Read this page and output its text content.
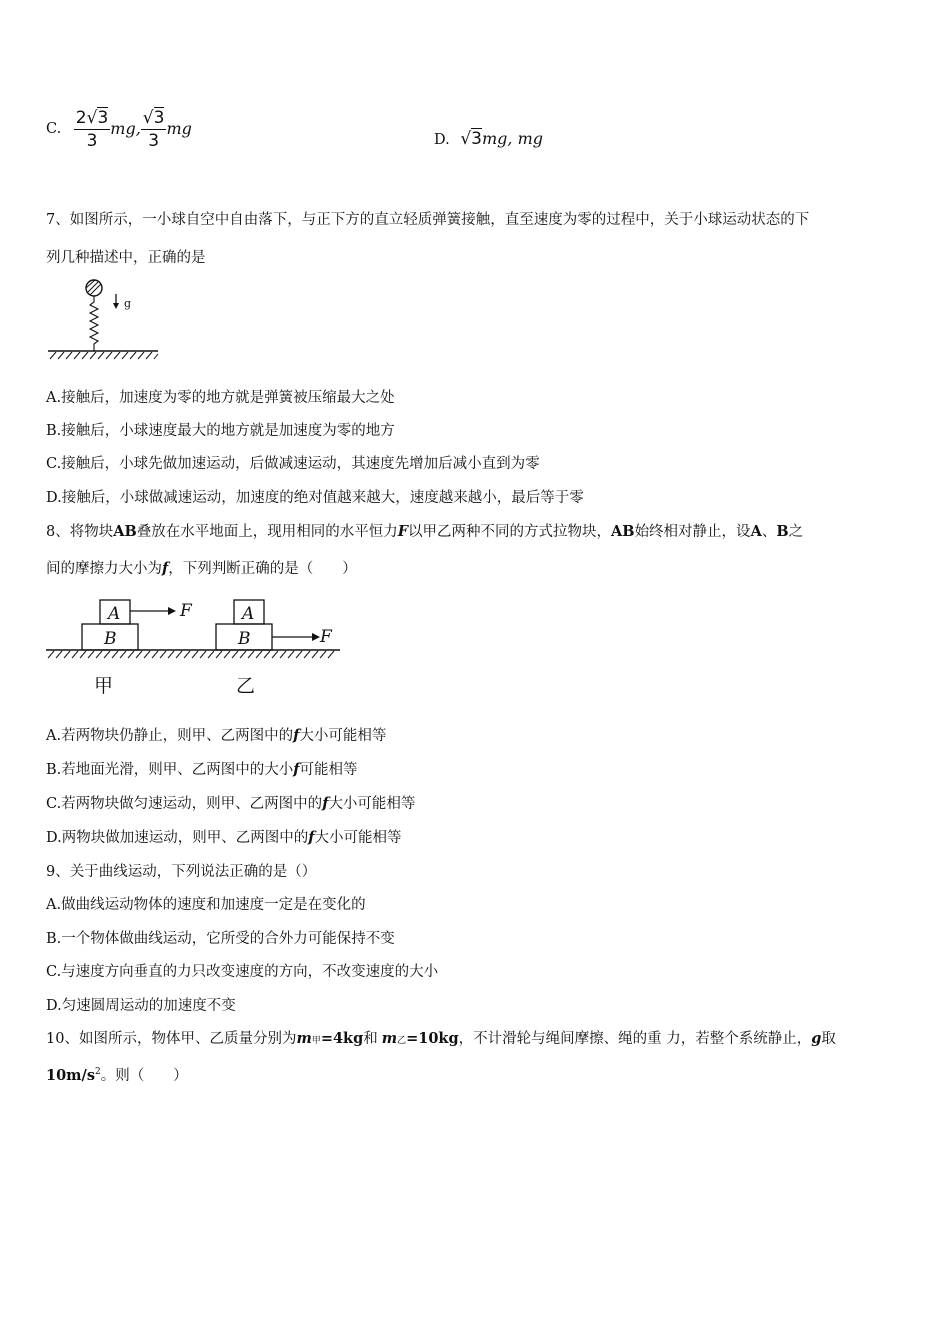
C. $\frac{2√3}{3}$ mg, $\frac{√3}{3}$ mg
D. √3mg, mg
7、如图所示，一小球自空中自由落下，与正下方的直立轻质弹簧接触，直至速度为零的过程中，关于小球运动状态的下
列几种描述中，正确的是
g
A.接触后，加速度为零的地方就是弹簧被压缩最大之处
B.接触后，小球速度最大的地方就是加速度为零的地方
C.接触后，小球先做加速运动，后做减速运动，其速度先增加后减小直到为零
D.接触后，小球做减速运动，加速度的绝对值越来越大，速度越来越小，最后等于零
8、将物块AB叠放在水平地面上，现用相同的水平恒力F以甲乙两种不同的方式拉物块，AB始终相对静止，设A、B之
间的摩擦力大小为f，下列判断正确的是（　　）
A
B
F	A
B	F
甲	乙
A.若两物块仍静止，则甲、乙两图中的f大小可能相等
B.若地面光滑，则甲、乙两图中的大小f可能相等
C.若两物块做匀速运动，则甲、乙两图中的f大小可能相等
D.两物块做加速运动，则甲、乙两图中的f大小可能相等
9、关于曲线运动，下列说法正确的是（）
A.做曲线运动物体的速度和加速度一定是在变化的
B.一个物体做曲线运动，它所受的合外力可能保持不变
C.与速度方向垂直的力只改变速度的方向，不改变速度的大小
D.匀速圆周运动的加速度不变
10、如图所示，物体甲、乙质量分别为m甲=4kg和 m乙=10kg，不计滑轮与绳间摩擦、绳的重 力，若整个系统静止，g取
$10m/s^2$。则（　　）
